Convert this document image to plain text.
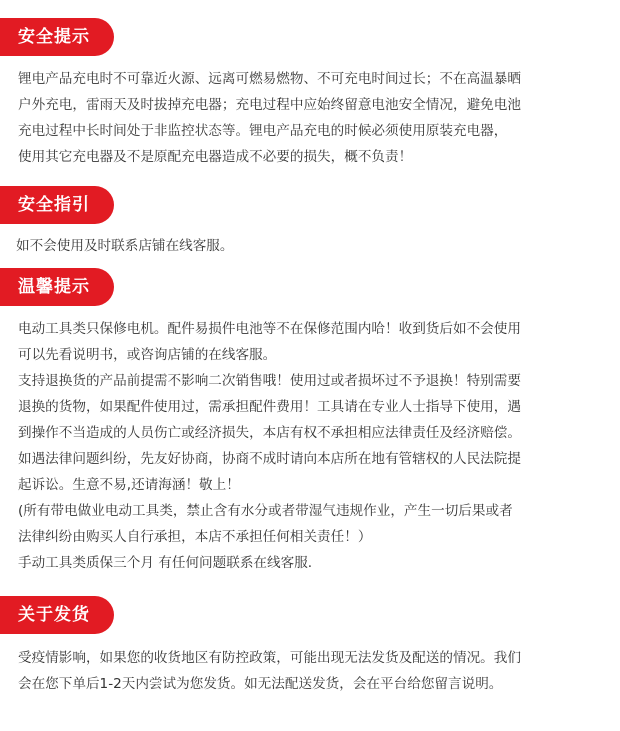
安全提示

锂电产品充电时不可靠近火源、远离可燃易燃物、不可充电时间过长；不在高温暴晒

户外充电，雷雨天及时拔掉充电器；充电过程中应始终留意电池安全情况，避免电池

充电过程中长时间处于非监控状态等。锂电产品充电的时候必须使用原装充电器，

使用其它充电器及不是原配充电器造成不必要的损失，概不负责！

安全指引

如不会使用及时联系店铺在线客服。

温馨提示

电动工具类只保修电机。配件易损件电池等不在保修范围内哈！收到货后如不会使用

可以先看说明书，或咨询店铺的在线客服。

支持退换货的产品前提需不影响二次销售哦！使用过或者损坏过不予退换！特别需要

退换的货物，如果配件使用过，需承担配件费用！工具请在专业人士指导下使用，遇

到操作不当造成的人员伤亡或经济损失，本店有权不承担相应法律责任及经济赔偿。

如遇法律问题纠纷，先友好协商，协商不成时请向本店所在地有管辖权的人民法院提

起诉讼。生意不易,还请海涵！敬上！

(所有带电做业电动工具类，禁止含有水分或者带湿气违规作业，产生一切后果或者

法律纠纷由购买人自行承担，本店不承担任何相关责任！）

手动工具类质保三个月 有任何问题联系在线客服.

关于发货

受疫情影响，如果您的收货地区有防控政策，可能出现无法发货及配送的情况。我们

会在您下单后1-2天内尝试为您发货。如无法配送发货，会在平台给您留言说明。
